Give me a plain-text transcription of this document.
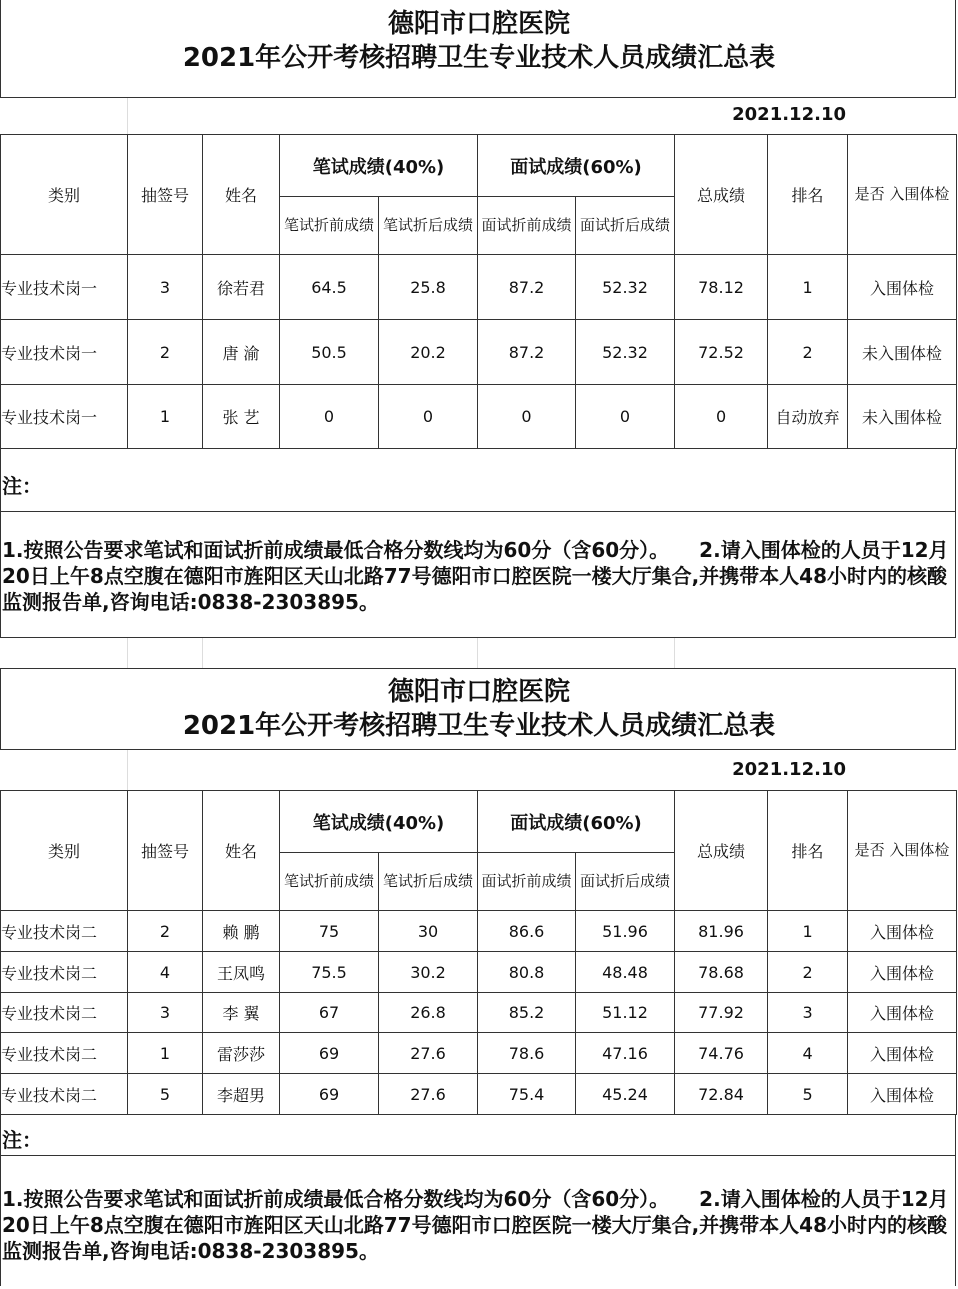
德阳市口腔医院
2021年公开考核招聘卫生专业技术人员成绩汇总表
2021.12.10
类别	抽签号	姓名	笔试成绩(40%)		面试成绩(60%)		总成绩	排名	是否 入围体检
			笔试折前成绩	笔试折后成绩	面试折前成绩	面试折后成绩			
专业技术岗一	3	徐若君	64.5	25.8	87.2	52.32	78.12	1	入围体检
专业技术岗一	2	唐 渝	50.5	20.2	87.2	52.32	72.52	2	未入围体检
专业技术岗一	1	张 艺	0	0	0	0	0	自动放弃	未入围体检
注：
1.按照公告要求笔试和面试折前成绩最低合格分数线均为60分（含60分）。　　2.请入围体检的人员于12月20日上午8点空腹在德阳市旌阳区天山北路77号德阳市口腔医院一楼大厅集合,并携带本人48小时内的核酸监测报告单,咨询电话:0838-2303895。
德阳市口腔医院
2021年公开考核招聘卫生专业技术人员成绩汇总表
2021.12.10
类别	抽签号	姓名	笔试成绩(40%)		面试成绩(60%)		总成绩	排名	是否 入围体检
			笔试折前成绩	笔试折后成绩	面试折前成绩	面试折后成绩			
专业技术岗二	2	赖 鹏	75	30	86.6	51.96	81.96	1	入围体检
专业技术岗二	4	王凤鸣	75.5	30.2	80.8	48.48	78.68	2	入围体检
专业技术岗二	3	李 翼	67	26.8	85.2	51.12	77.92	3	入围体检
专业技术岗二	1	雷莎莎	69	27.6	78.6	47.16	74.76	4	入围体检
专业技术岗二	5	李超男	69	27.6	75.4	45.24	72.84	5	入围体检
注：
1.按照公告要求笔试和面试折前成绩最低合格分数线均为60分（含60分）。　　2.请入围体检的人员于12月20日上午8点空腹在德阳市旌阳区天山北路77号德阳市口腔医院一楼大厅集合,并携带本人48小时内的核酸监测报告单,咨询电话:0838-2303895。
